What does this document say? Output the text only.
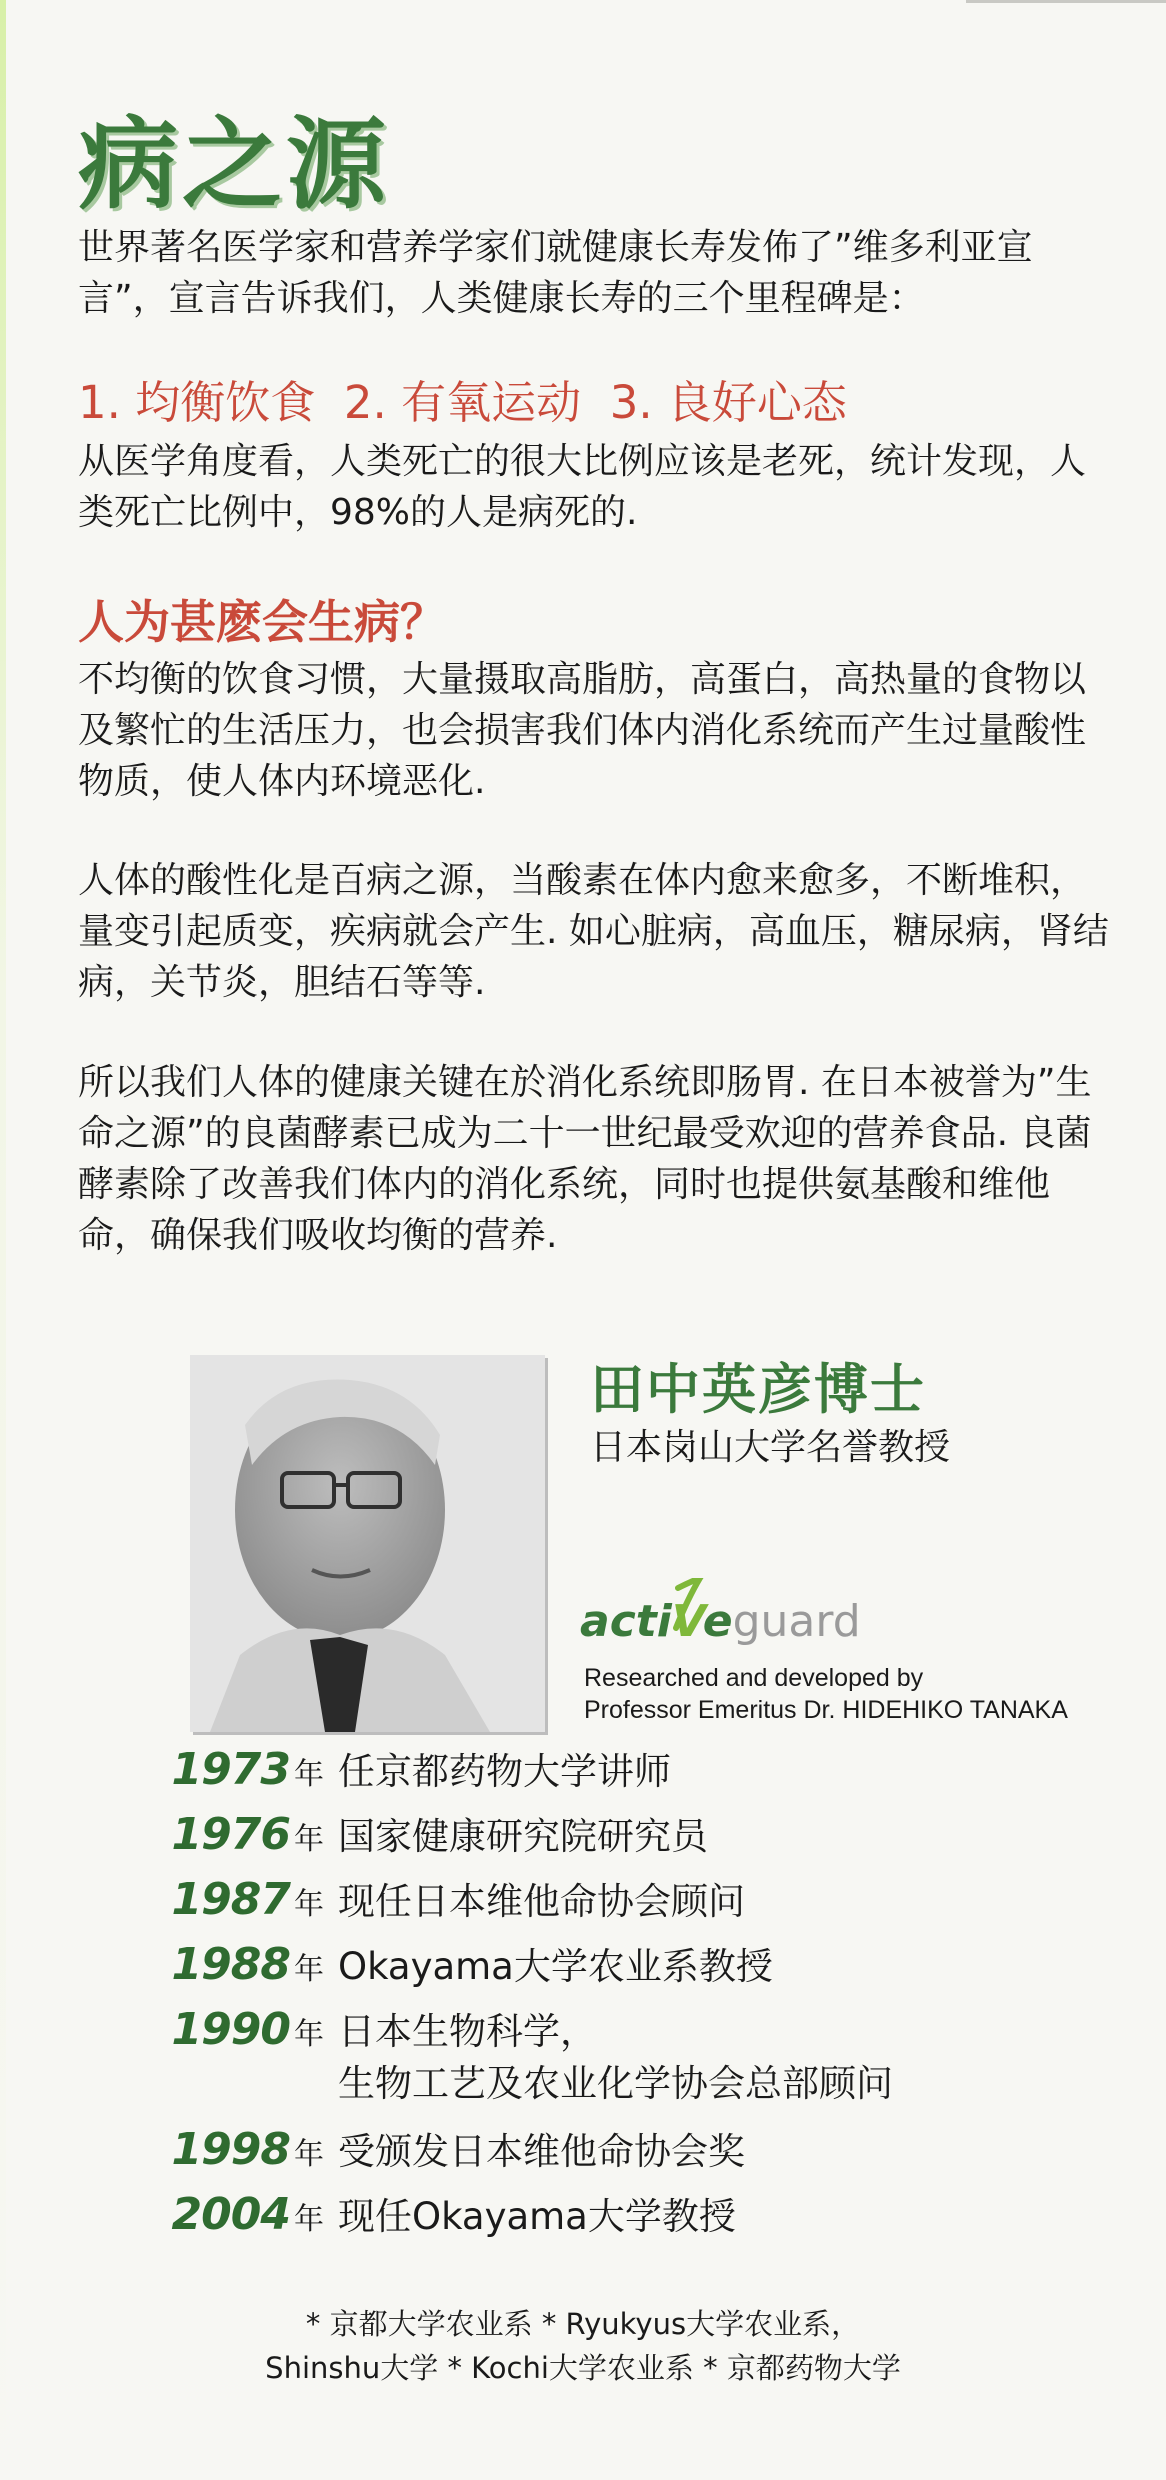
病之源

世界著名医学家和营养学家们就健康长寿发佈了”维多利亚宣言”，宣言告诉我们，人类健康长寿的三个里程碑是：

1. 均衡饮食  2. 有氧运动  3. 良好心态

从医学角度看，人类死亡的很大比例应该是老死，统计发现，人类死亡比例中，98%的人是病死的.

人为甚麽会生病？

不均衡的饮食习惯，大量摄取高脂肪，高蛋白，高热量的食物以及繁忙的生活压力，也会损害我们体内消化系统而产生过量酸性物质，使人体内环境恶化.

人体的酸性化是百病之源，当酸素在体内愈来愈多，不断堆积，量变引起质变，疾病就会产生. 如心脏病，高血压，糖尿病，肾结病，关节炎，胆结石等等.

所以我们人体的健康关键在於消化系统即肠胃. 在日本被誉为”生命之源”的良菌酵素已成为二十一世纪最受欢迎的营养食品. 良菌酵素除了改善我们体内的消化系统，同时也提供氨基酸和维他命，确保我们吸收均衡的营养.

田中英彦博士

日本岗山大学名誉教授

actiVeguard

Researched and developed by
Professor Emeritus Dr. HIDEHIKO TANAKA

1973 年 任京都药物大学讲师

1976 年 国家健康研究院研究员

1987 年 现任日本维他命协会顾问

1988 年 Okayama大学农业系教授

1990 年 日本生物科学，
生物工艺及农业化学协会总部顾问

1998 年 受颁发日本维他命协会奖

2004 年 现任Okayama大学教授

* 京都大学农业系 * Ryukyus大学农业系，
Shinshu大学 * Kochi大学农业系 * 京都药物大学
